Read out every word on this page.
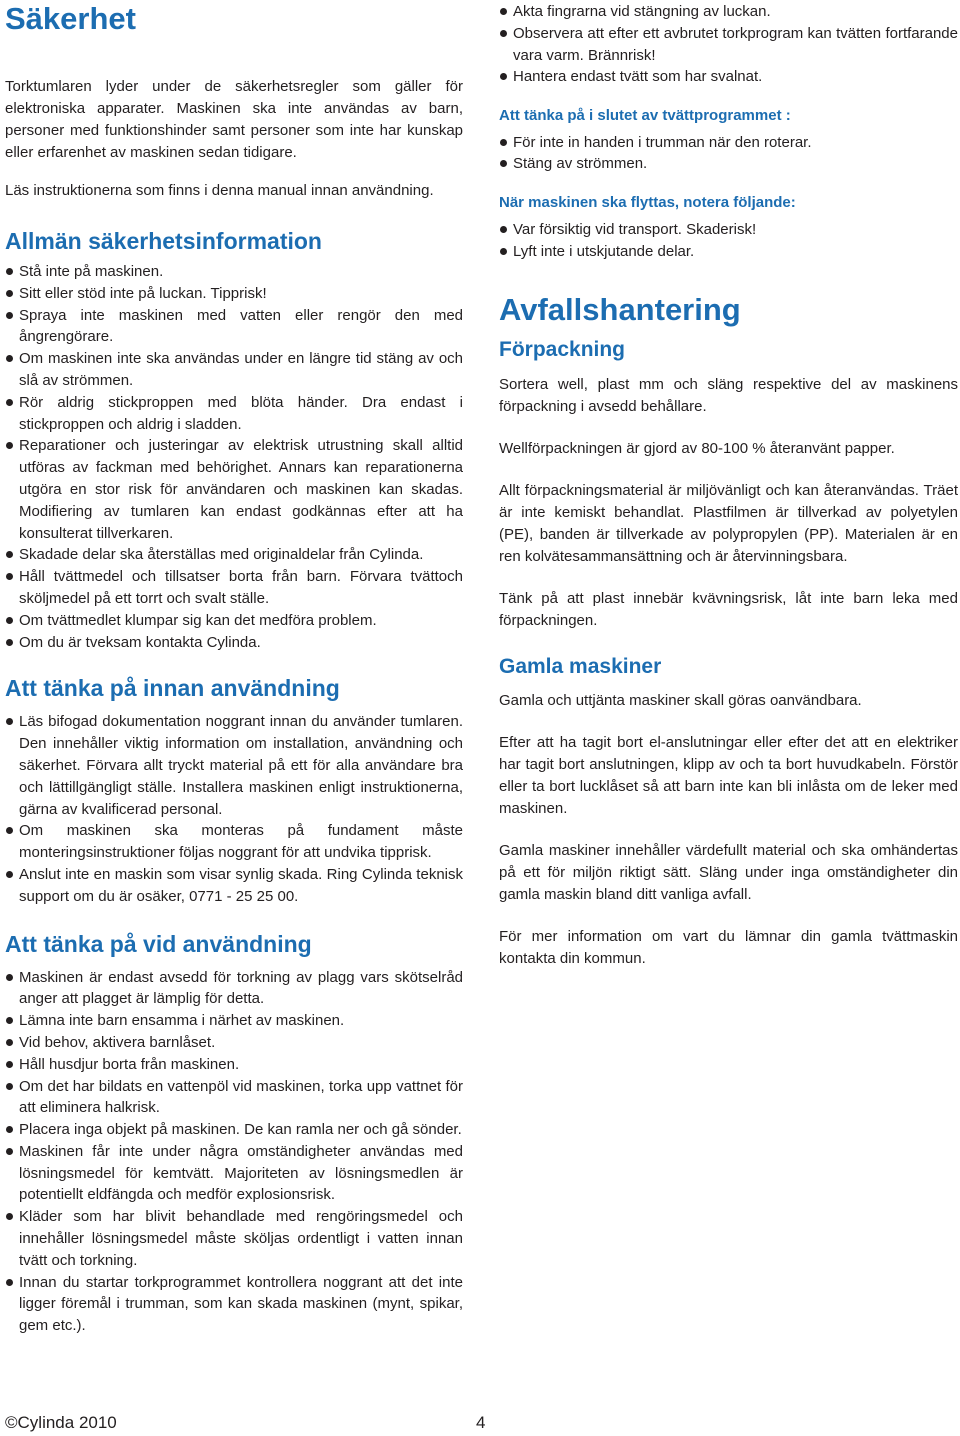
Säkerhet

Torktumlaren lyder under de säkerhetsregler som gäller för elektroniska apparater. Maskinen ska inte användas av barn, personer med funktionshinder samt personer som inte har kunskap eller erfarenhet av maskinen sedan tidigare.

Läs instruktionerna som finns i denna manual innan användning.

Allmän säkerhetsinformation
Stå inte på maskinen.
Sitt eller stöd inte på luckan. Tipprisk!
Spraya inte maskinen med vatten eller rengör den med ångrengörare.
Om maskinen inte ska användas under en längre tid stäng av och slå av strömmen.
Rör aldrig stickproppen med blöta händer. Dra endast i stickproppen och aldrig i sladden.
Reparationer och justeringar av elektrisk utrustning skall alltid utföras av fackman med behörighet. Annars kan reparationerna utgöra en stor risk för användaren och maskinen kan skadas. Modifiering av tumlaren kan endast godkännas efter att ha konsulterat tillverkaren.
Skadade delar ska återställas med originaldelar från Cylinda.
Håll tvättmedel och tillsatser borta från barn. Förvara tvättoch sköljmedel på ett torrt och svalt ställe.
Om tvättmedlet klumpar sig kan det medföra problem.
Om du är tveksam kontakta Cylinda.
Att tänka på innan användning
Läs bifogad dokumentation noggrant innan du använder tumlaren. Den innehåller viktig information om installation, användning och säkerhet. Förvara allt tryckt material på ett för alla användare bra och lättillgängligt ställe. Installera maskinen enligt instruktionerna, gärna av kvalificerad personal.
Om maskinen ska monteras på fundament måste monteringsinstruktioner följas noggrant för att undvika tipprisk.
Anslut inte en maskin som visar synlig skada. Ring Cylinda teknisk support om du är osäker, 0771 - 25 25 00.
Att tänka på vid användning
Maskinen är endast avsedd för torkning av plagg vars skötselråd anger att plagget är lämplig för detta.
Lämna inte barn ensamma i närhet av maskinen.
Vid behov, aktivera barnlåset.
Håll husdjur borta från maskinen.
Om det har bildats en vattenpöl vid maskinen, torka upp vattnet för att eliminera halkrisk.
Placera inga objekt på maskinen. De kan ramla ner och gå sönder.
Maskinen får inte under några omständigheter användas med lösningsmedel för kemtvätt. Majoriteten av lösningsmedlen är potentiellt eldfängda och medför explosionsrisk.
Kläder som har blivit behandlade med rengöringsmedel och innehåller lösningsmedel måste sköljas ordentligt i vatten innan tvätt och torkning.
Innan du startar torkprogrammet kontrollera noggrant att det inte ligger föremål i trumman, som kan skada maskinen (mynt, spikar, gem etc.).
Akta fingrarna vid stängning av luckan.
Observera att efter ett avbrutet torkprogram kan tvätten fortfarande vara varm. Brännrisk!
Hantera endast tvätt som har svalnat.
Att tänka på i slutet av tvättprogrammet :
För inte in handen i trumman när den roterar.
Stäng av strömmen.
När maskinen ska flyttas, notera följande:
Var försiktig vid transport. Skaderisk!
Lyft inte i utskjutande delar.
Avfallshantering
Förpackning

Sortera well, plast mm och släng respektive del av maskinens förpackning i avsedd behållare.

Wellförpackningen är gjord av 80-100 % återanvänt papper.

Allt förpackningsmaterial är miljövänligt och kan återanvändas. Träet är inte kemiskt behandlat. Plastfilmen är tillverkad av polyetylen (PE), banden är tillverkade av polypropylen (PP). Materialen är en ren kolvätesammansättning och är återvinningsbara.

Tänk på att plast innebär kvävningsrisk, låt inte barn leka med förpackningen.

Gamla maskiner

Gamla och uttjänta maskiner skall göras oanvändbara.

Efter att ha tagit bort el-anslutningar eller efter det att en elektriker har tagit bort anslutningen, klipp av och ta bort huvudkabeln. Förstör eller ta bort lucklåset så att barn inte kan bli inlåsta om de leker med maskinen.

Gamla maskiner innehåller värdefullt material och ska omhändertas på ett för miljön riktigt sätt. Släng under inga omständigheter din gamla maskin bland ditt vanliga avfall.

För mer information om vart du lämnar din gamla tvättmaskin kontakta din kommun.

©Cylinda 2010	4
